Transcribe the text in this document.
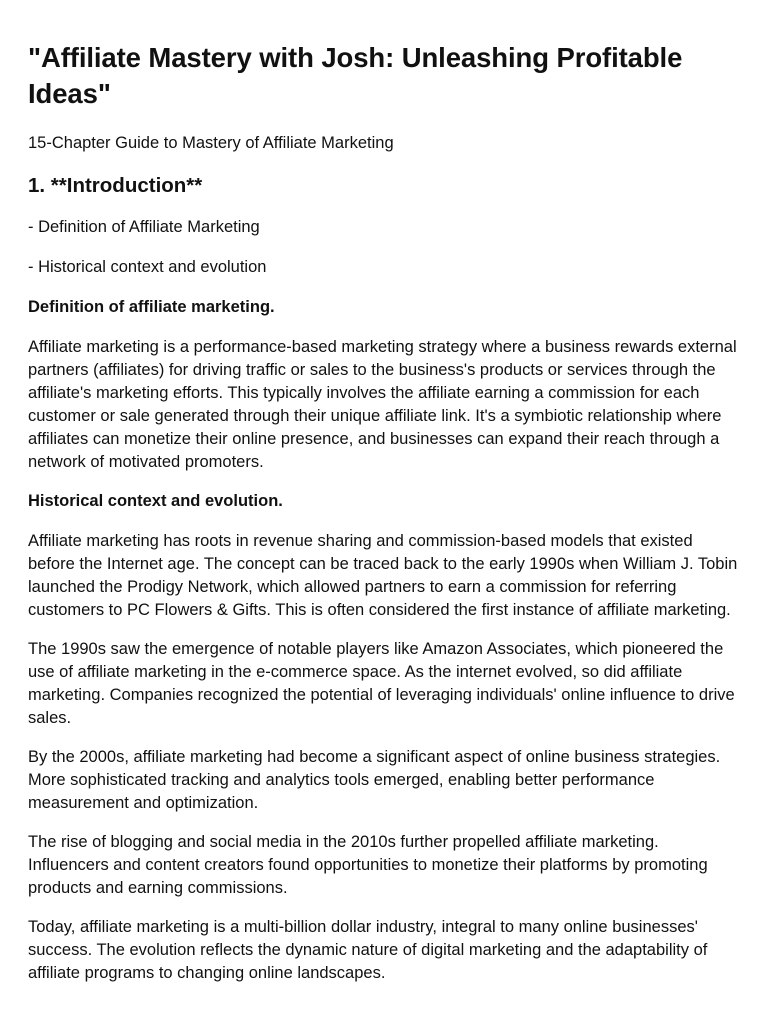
"Affiliate Mastery with Josh: Unleashing Profitable Ideas"

15-Chapter Guide to Mastery of Affiliate Marketing

1. **Introduction**

- Definition of Affiliate Marketing

- Historical context and evolution

Definition of affiliate marketing.

Affiliate marketing is a performance-based marketing strategy where a business rewards external partners (affiliates) for driving traffic or sales to the business's products or services through the affiliate's marketing efforts. This typically involves the affiliate earning a commission for each customer or sale generated through their unique affiliate link. It's a symbiotic relationship where affiliates can monetize their online presence, and businesses can expand their reach through a network of motivated promoters.

Historical context and evolution.

Affiliate marketing has roots in revenue sharing and commission-based models that existed before the Internet age. The concept can be traced back to the early 1990s when William J. Tobin launched the Prodigy Network, which allowed partners to earn a commission for referring customers to PC Flowers & Gifts. This is often considered the first instance of affiliate marketing.

The 1990s saw the emergence of notable players like Amazon Associates, which pioneered the use of affiliate marketing in the e-commerce space. As the internet evolved, so did affiliate marketing. Companies recognized the potential of leveraging individuals' online influence to drive sales.

By the 2000s, affiliate marketing had become a significant aspect of online business strategies. More sophisticated tracking and analytics tools emerged, enabling better performance measurement and optimization.

The rise of blogging and social media in the 2010s further propelled affiliate marketing. Influencers and content creators found opportunities to monetize their platforms by promoting products and earning commissions.

Today, affiliate marketing is a multi-billion dollar industry, integral to many online businesses' success. The evolution reflects the dynamic nature of digital marketing and the adaptability of affiliate programs to changing online landscapes.
